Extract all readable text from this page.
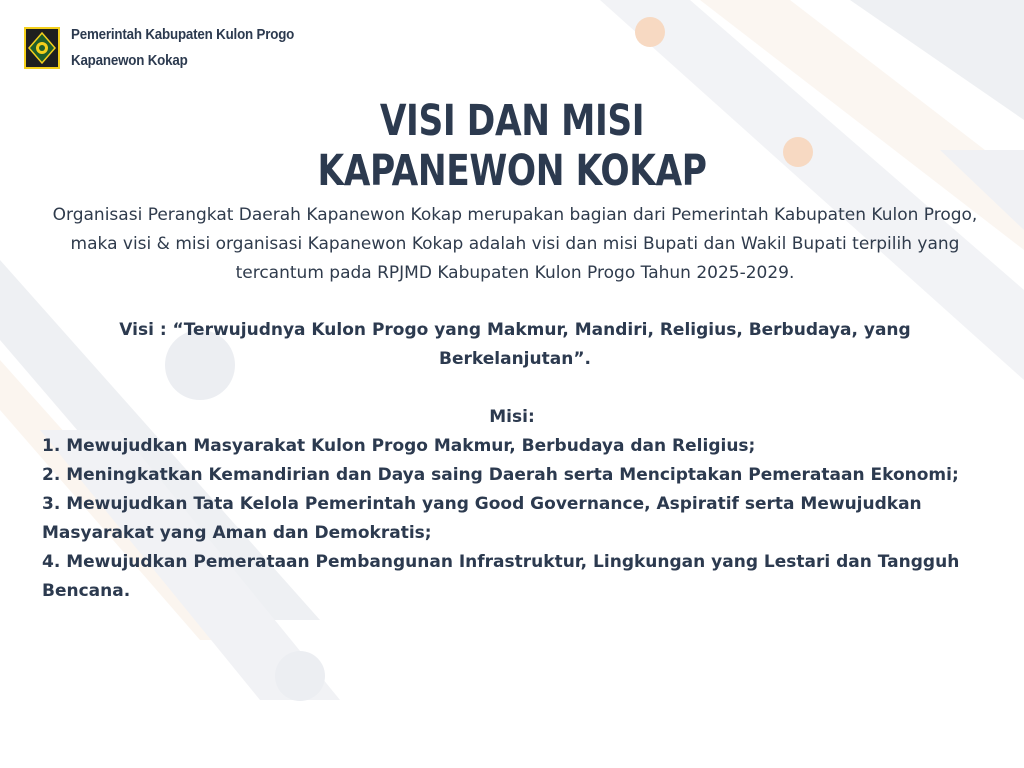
Pemerintah Kabupaten Kulon Progo
Kapanewon Kokap
VISI DAN MISI
KAPANEWON KOKAP
Organisasi Perangkat Daerah Kapanewon Kokap merupakan bagian dari Pemerintah Kabupaten Kulon Progo, maka visi & misi organisasi Kapanewon Kokap adalah visi dan misi Bupati dan Wakil Bupati terpilih yang tercantum pada RPJMD Kabupaten Kulon Progo Tahun 2025-2029.
Visi : “Terwujudnya Kulon Progo yang Makmur, Mandiri, Religius, Berbudaya, yang Berkelanjutan”.
Misi:
1. Mewujudkan Masyarakat Kulon Progo Makmur, Berbudaya dan Religius;
2. Meningkatkan Kemandirian dan Daya saing Daerah serta Menciptakan Pemerataan Ekonomi;
3. Mewujudkan Tata Kelola Pemerintah yang Good Governance, Aspiratif serta Mewujudkan Masyarakat yang Aman dan Demokratis;
4. Mewujudkan Pemerataan Pembangunan Infrastruktur, Lingkungan yang Lestari dan Tangguh Bencana.
